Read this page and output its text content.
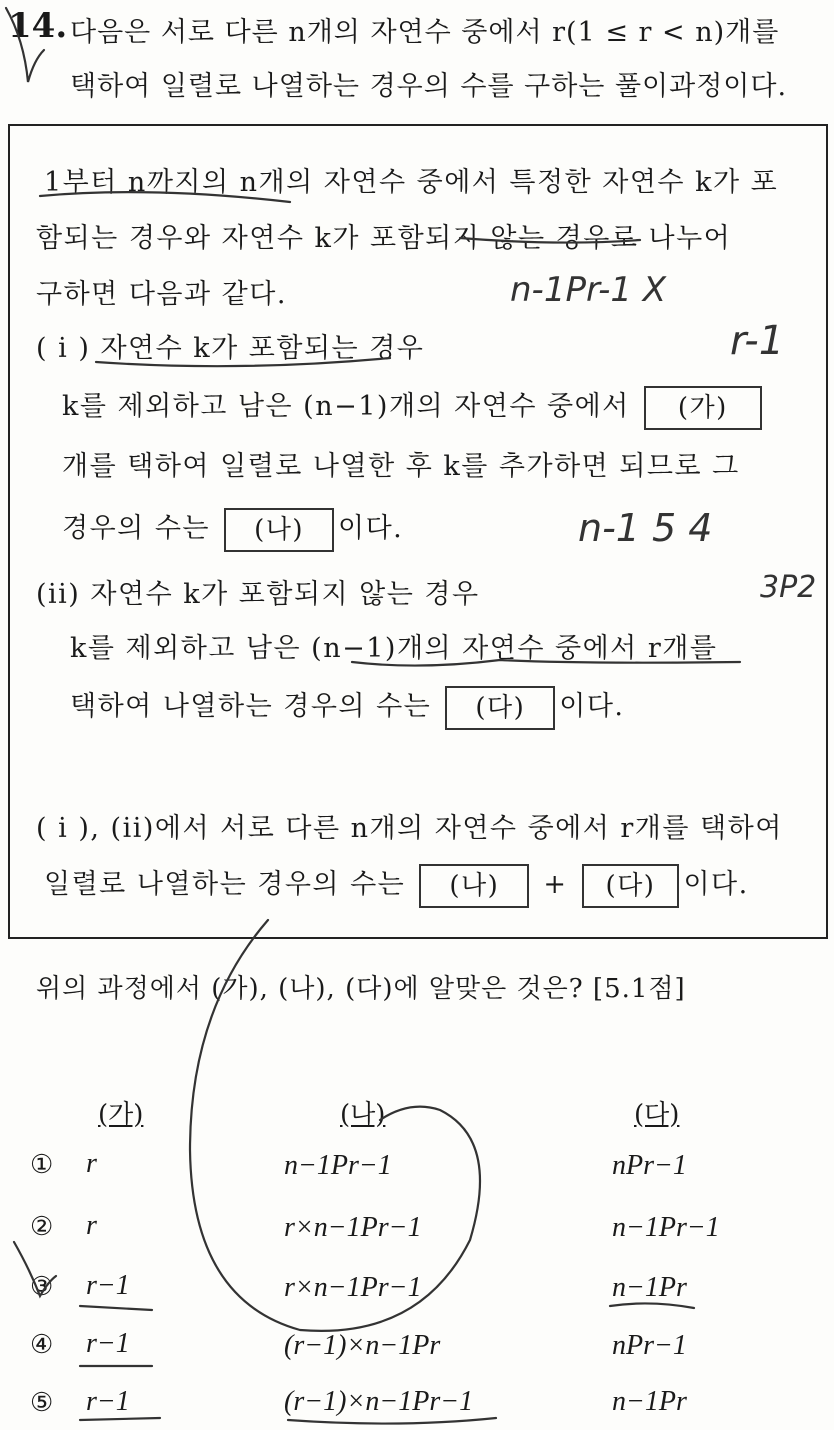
14. 다음은 서로 다른 n개의 자연수 중에서 r(1 ≤ r < n)개를
택하여 일렬로 나열하는 경우의 수를 구하는 풀이과정이다.
1부터 n까지의 n개의 자연수 중에서 특정한 자연수 k가 포
함되는 경우와 자연수 k가 포함되지 않는 경우로 나누어
구하면 다음과 같다.
( i ) 자연수 k가 포함되는 경우
k를 제외하고 남은 (n−1)개의 자연수 중에서 (가)
개를 택하여 일렬로 나열한 후 k를 추가하면 되므로 그
경우의 수는 (나) 이다.
(ii) 자연수 k가 포함되지 않는 경우
k를 제외하고 남은 (n−1)개의 자연수 중에서 r개를
택하여 나열하는 경우의 수는 (다) 이다.
( i ), (ii)에서 서로 다른 n개의 자연수 중에서 r개를 택하여
일렬로 나열하는 경우의 수는 (나) + (다) 이다.
위의 과정에서 (가), (나), (다)에 알맞은 것은? [5.1점]
(가)	(나)	(다)
① r	n−1Pr−1	nPr−1
② r	r×n−1Pr−1	n−1Pr−1
③ r−1	r×n−1Pr−1	n−1Pr
④ r−1	(r−1)×n−1Pr	nPr−1
⑤ r−1	(r−1)×n−1Pr−1	n−1Pr
n-1Pr-1 X
r-1
n-1 5 4
3P2
